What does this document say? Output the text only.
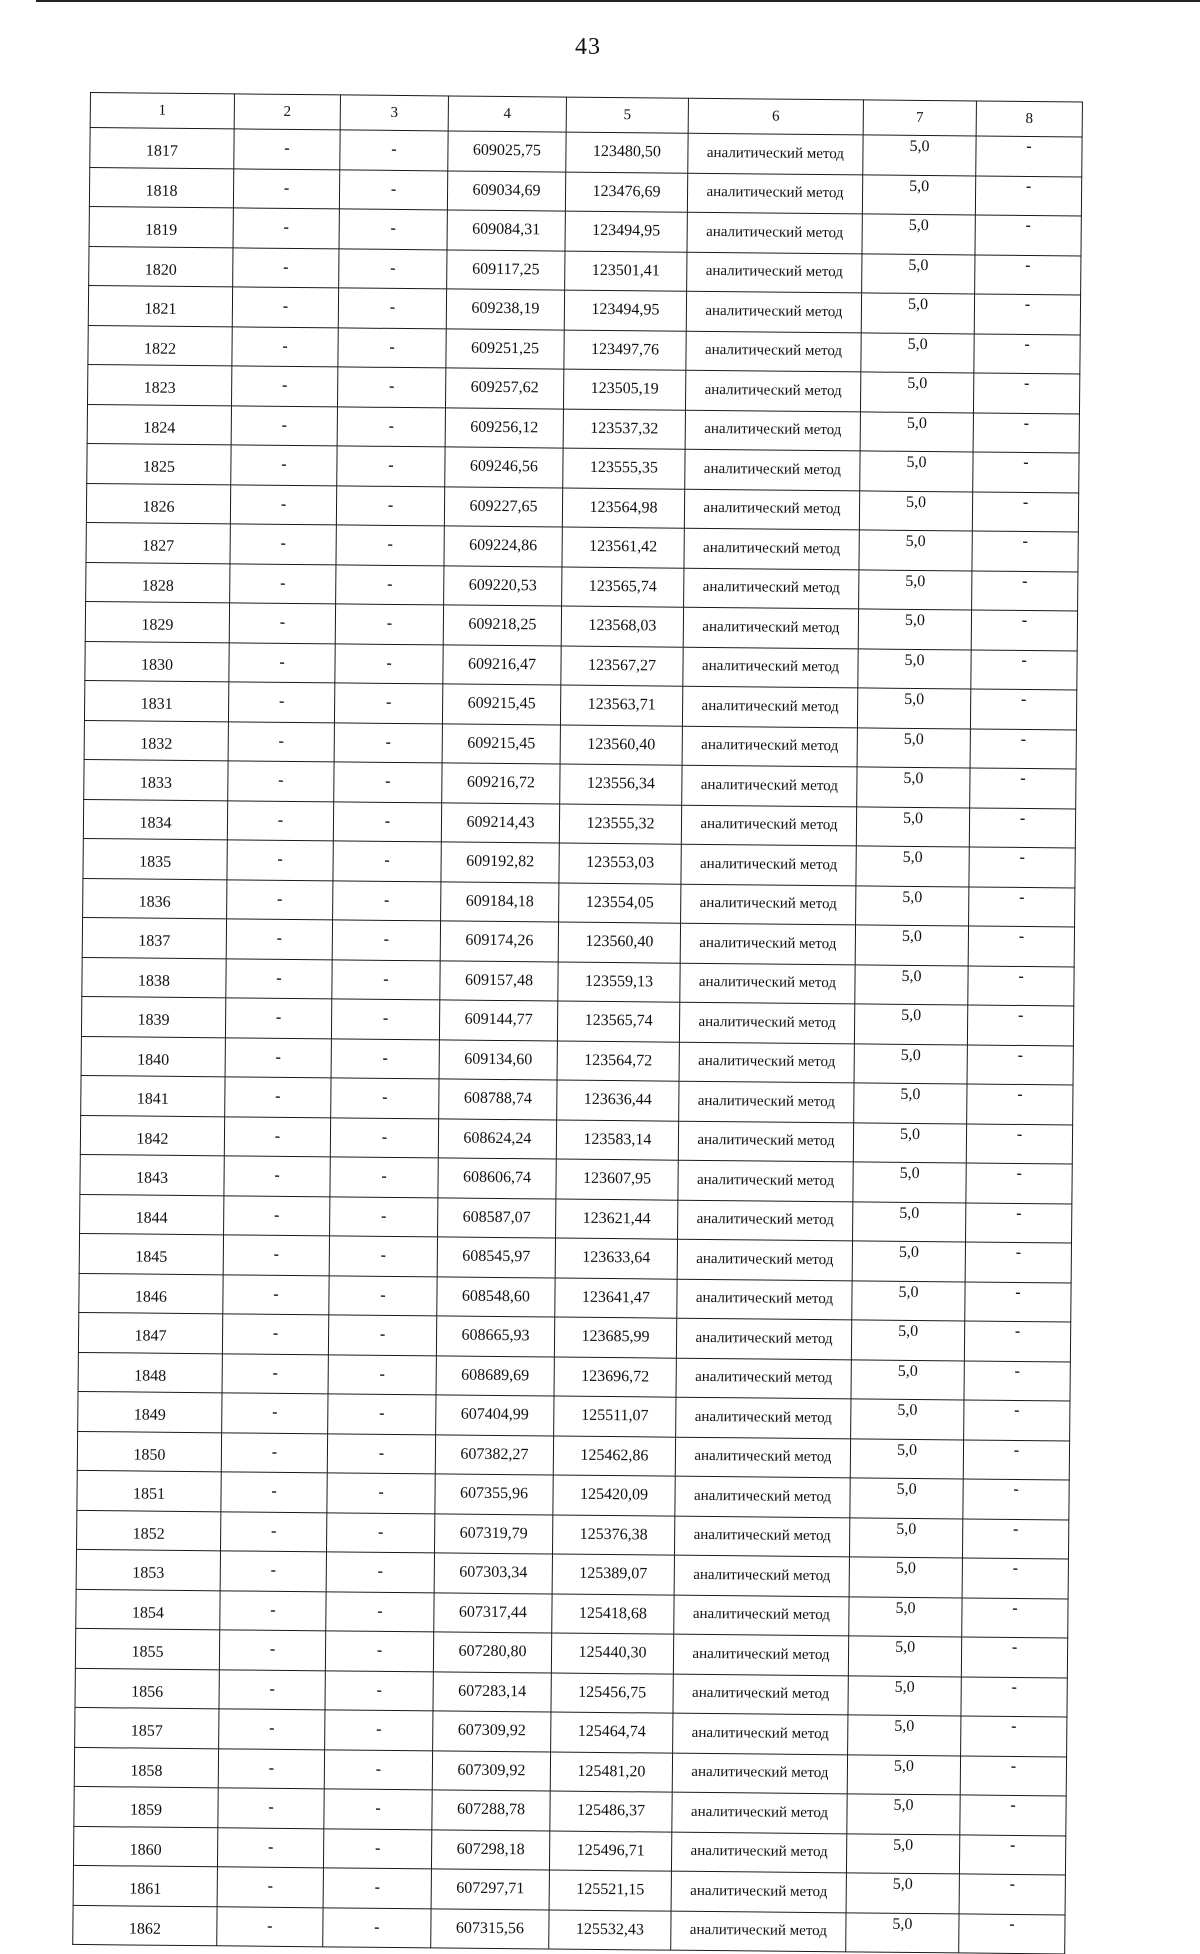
43
1	2	3	4	5	6	7	8
1817	-	-	609025,75	123480,50	аналитический метод	5,0	-
1818	-	-	609034,69	123476,69	аналитический метод	5,0	-
1819	-	-	609084,31	123494,95	аналитический метод	5,0	-
1820	-	-	609117,25	123501,41	аналитический метод	5,0	-
1821	-	-	609238,19	123494,95	аналитический метод	5,0	-
1822	-	-	609251,25	123497,76	аналитический метод	5,0	-
1823	-	-	609257,62	123505,19	аналитический метод	5,0	-
1824	-	-	609256,12	123537,32	аналитический метод	5,0	-
1825	-	-	609246,56	123555,35	аналитический метод	5,0	-
1826	-	-	609227,65	123564,98	аналитический метод	5,0	-
1827	-	-	609224,86	123561,42	аналитический метод	5,0	-
1828	-	-	609220,53	123565,74	аналитический метод	5,0	-
1829	-	-	609218,25	123568,03	аналитический метод	5,0	-
1830	-	-	609216,47	123567,27	аналитический метод	5,0	-
1831	-	-	609215,45	123563,71	аналитический метод	5,0	-
1832	-	-	609215,45	123560,40	аналитический метод	5,0	-
1833	-	-	609216,72	123556,34	аналитический метод	5,0	-
1834	-	-	609214,43	123555,32	аналитический метод	5,0	-
1835	-	-	609192,82	123553,03	аналитический метод	5,0	-
1836	-	-	609184,18	123554,05	аналитический метод	5,0	-
1837	-	-	609174,26	123560,40	аналитический метод	5,0	-
1838	-	-	609157,48	123559,13	аналитический метод	5,0	-
1839	-	-	609144,77	123565,74	аналитический метод	5,0	-
1840	-	-	609134,60	123564,72	аналитический метод	5,0	-
1841	-	-	608788,74	123636,44	аналитический метод	5,0	-
1842	-	-	608624,24	123583,14	аналитический метод	5,0	-
1843	-	-	608606,74	123607,95	аналитический метод	5,0	-
1844	-	-	608587,07	123621,44	аналитический метод	5,0	-
1845	-	-	608545,97	123633,64	аналитический метод	5,0	-
1846	-	-	608548,60	123641,47	аналитический метод	5,0	-
1847	-	-	608665,93	123685,99	аналитический метод	5,0	-
1848	-	-	608689,69	123696,72	аналитический метод	5,0	-
1849	-	-	607404,99	125511,07	аналитический метод	5,0	-
1850	-	-	607382,27	125462,86	аналитический метод	5,0	-
1851	-	-	607355,96	125420,09	аналитический метод	5,0	-
1852	-	-	607319,79	125376,38	аналитический метод	5,0	-
1853	-	-	607303,34	125389,07	аналитический метод	5,0	-
1854	-	-	607317,44	125418,68	аналитический метод	5,0	-
1855	-	-	607280,80	125440,30	аналитический метод	5,0	-
1856	-	-	607283,14	125456,75	аналитический метод	5,0	-
1857	-	-	607309,92	125464,74	аналитический метод	5,0	-
1858	-	-	607309,92	125481,20	аналитический метод	5,0	-
1859	-	-	607288,78	125486,37	аналитический метод	5,0	-
1860	-	-	607298,18	125496,71	аналитический метод	5,0	-
1861	-	-	607297,71	125521,15	аналитический метод	5,0	-
1862	-	-	607315,56	125532,43	аналитический метод	5,0	-
